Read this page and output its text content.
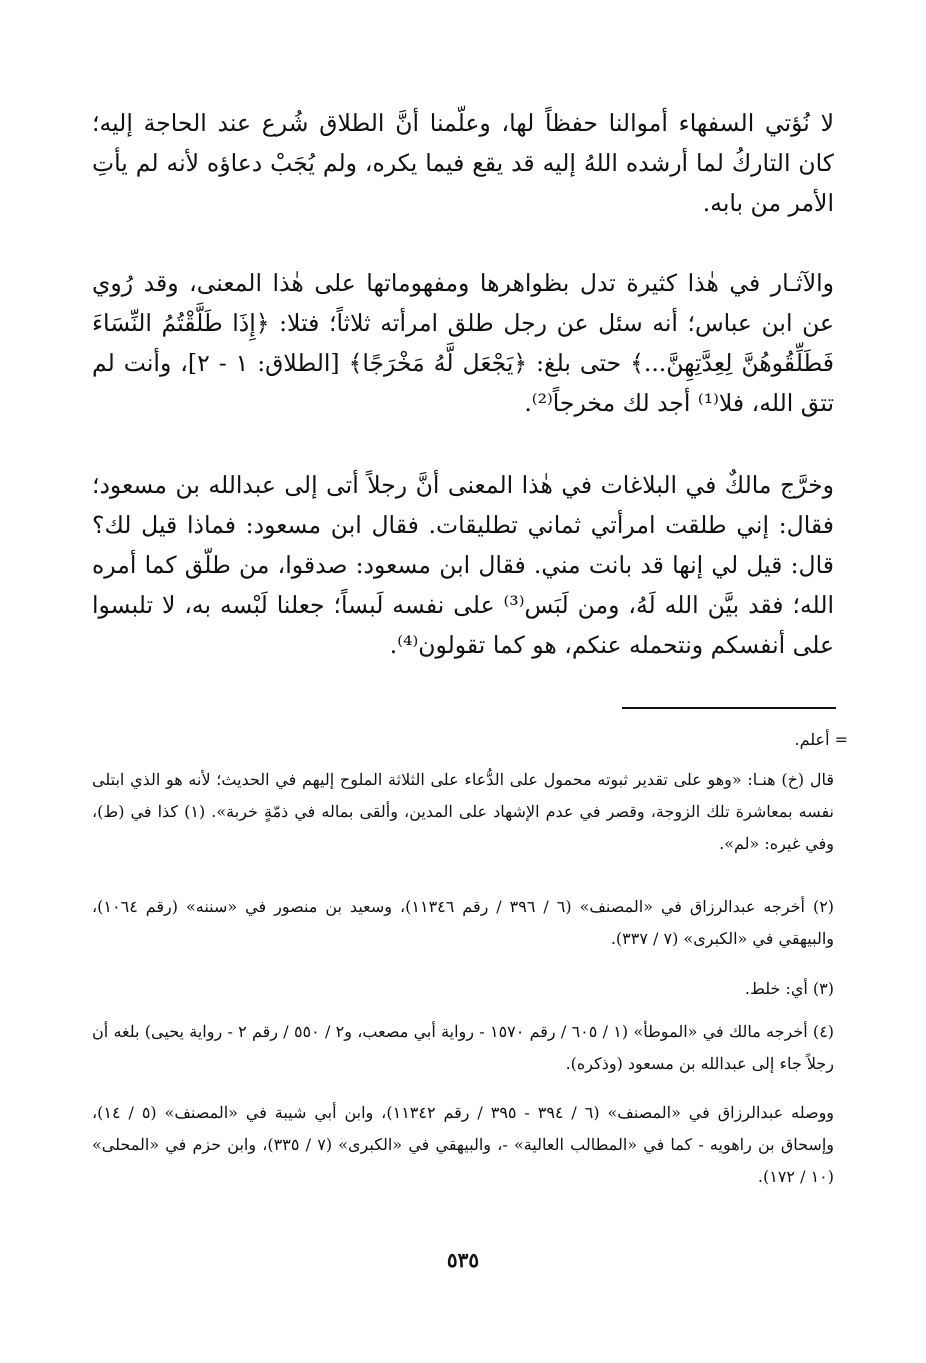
لا نُؤتي السفهاء أموالنا حفظاً لها، وعلّمنا أنَّ الطلاق شُرع عند الحاجة إليه؛ كان التاركُ لما أرشده اللهُ إليه قد يقع فيما يكره، ولم يُجَبْ دعاؤه لأنه لم يأتِ الأمر من بابه.

والآثـار في هٰذا كثيرة تدل بظواهرها ومفهوماتها على هٰذا المعنى، وقد رُوي عن ابن عباس؛ أنه سئل عن رجل طلق امرأته ثلاثاً؛ فتلا: ﴿إِذَا طَلَّقْتُمُ النِّسَاءَ فَطَلِّقُوهُنَّ لِعِدَّتِهِنَّ...﴾ حتى بلغ: ﴿يَجْعَل لَّهُ مَخْرَجًا﴾ [الطلاق: ١ - ٢]، وأنت لم تتق الله، فلا⁽¹⁾ أجد لك مخرجاً⁽²⁾.

وخرَّج مالكٌ في البلاغات في هٰذا المعنى أنَّ رجلاً أتى إلى عبدالله بن مسعود؛ فقال: إني طلقت امرأتي ثماني تطليقات. فقال ابن مسعود: فماذا قيل لك؟ قال: قيل لي إنها قد بانت مني. فقال ابن مسعود: صدقوا، من طلّق كما أمره الله؛ فقد بيَّن الله لَهُ، ومن لَبَس⁽³⁾ على نفسه لَبساً؛ جعلنا لَبْسه به، لا تلبسوا على أنفسكم ونتحمله عنكم، هو كما تقولون⁽⁴⁾.

= أعلم.

قال (خ) هنـا: «وهو على تقدير ثبوته محمول على الدُّعاء على الثلاثة الملوح إليهم في الحديث؛ لأنه هو الذي ابتلى نفسه بمعاشرة تلك الزوجة، وقصر في عدم الإشهاد على المدين، وألقى بماله في ذمّةٍ خربة». (١) كذا في (ط)، وفي غيره: «لم».

(٢) أخرجه عبدالرزاق في «المصنف» (٦ / ٣٩٦ / رقم ١١٣٤٦)، وسعيد بن منصور في «سننه» (رقم ١٠٦٤)، والبيهقي في «الكبرى» (٧ / ٣٣٧).

(٣) أي: خلط.

(٤) أخرجه مالك في «الموطأ» (١ / ٦٠٥ / رقم ١٥٧٠ - رواية أبي مصعب، و٢ / ٥٥٠ / رقم ٢ - رواية يحيى) بلغه أن رجلاً جاء إلى عبدالله بن مسعود (وذكره).

ووصله عبدالرزاق في «المصنف» (٦ / ٣٩٤ - ٣٩٥ / رقم ١١٣٤٢)، وابن أبي شيبة في «المصنف» (٥ / ١٤)، وإسحاق بن راهويه - كما في «المطالب العالية» -، والبيهقي في «الكبرى» (٧ / ٣٣٥)، وابن حزم في «المحلى» (١٠ / ١٧٢).

٥٣٥
